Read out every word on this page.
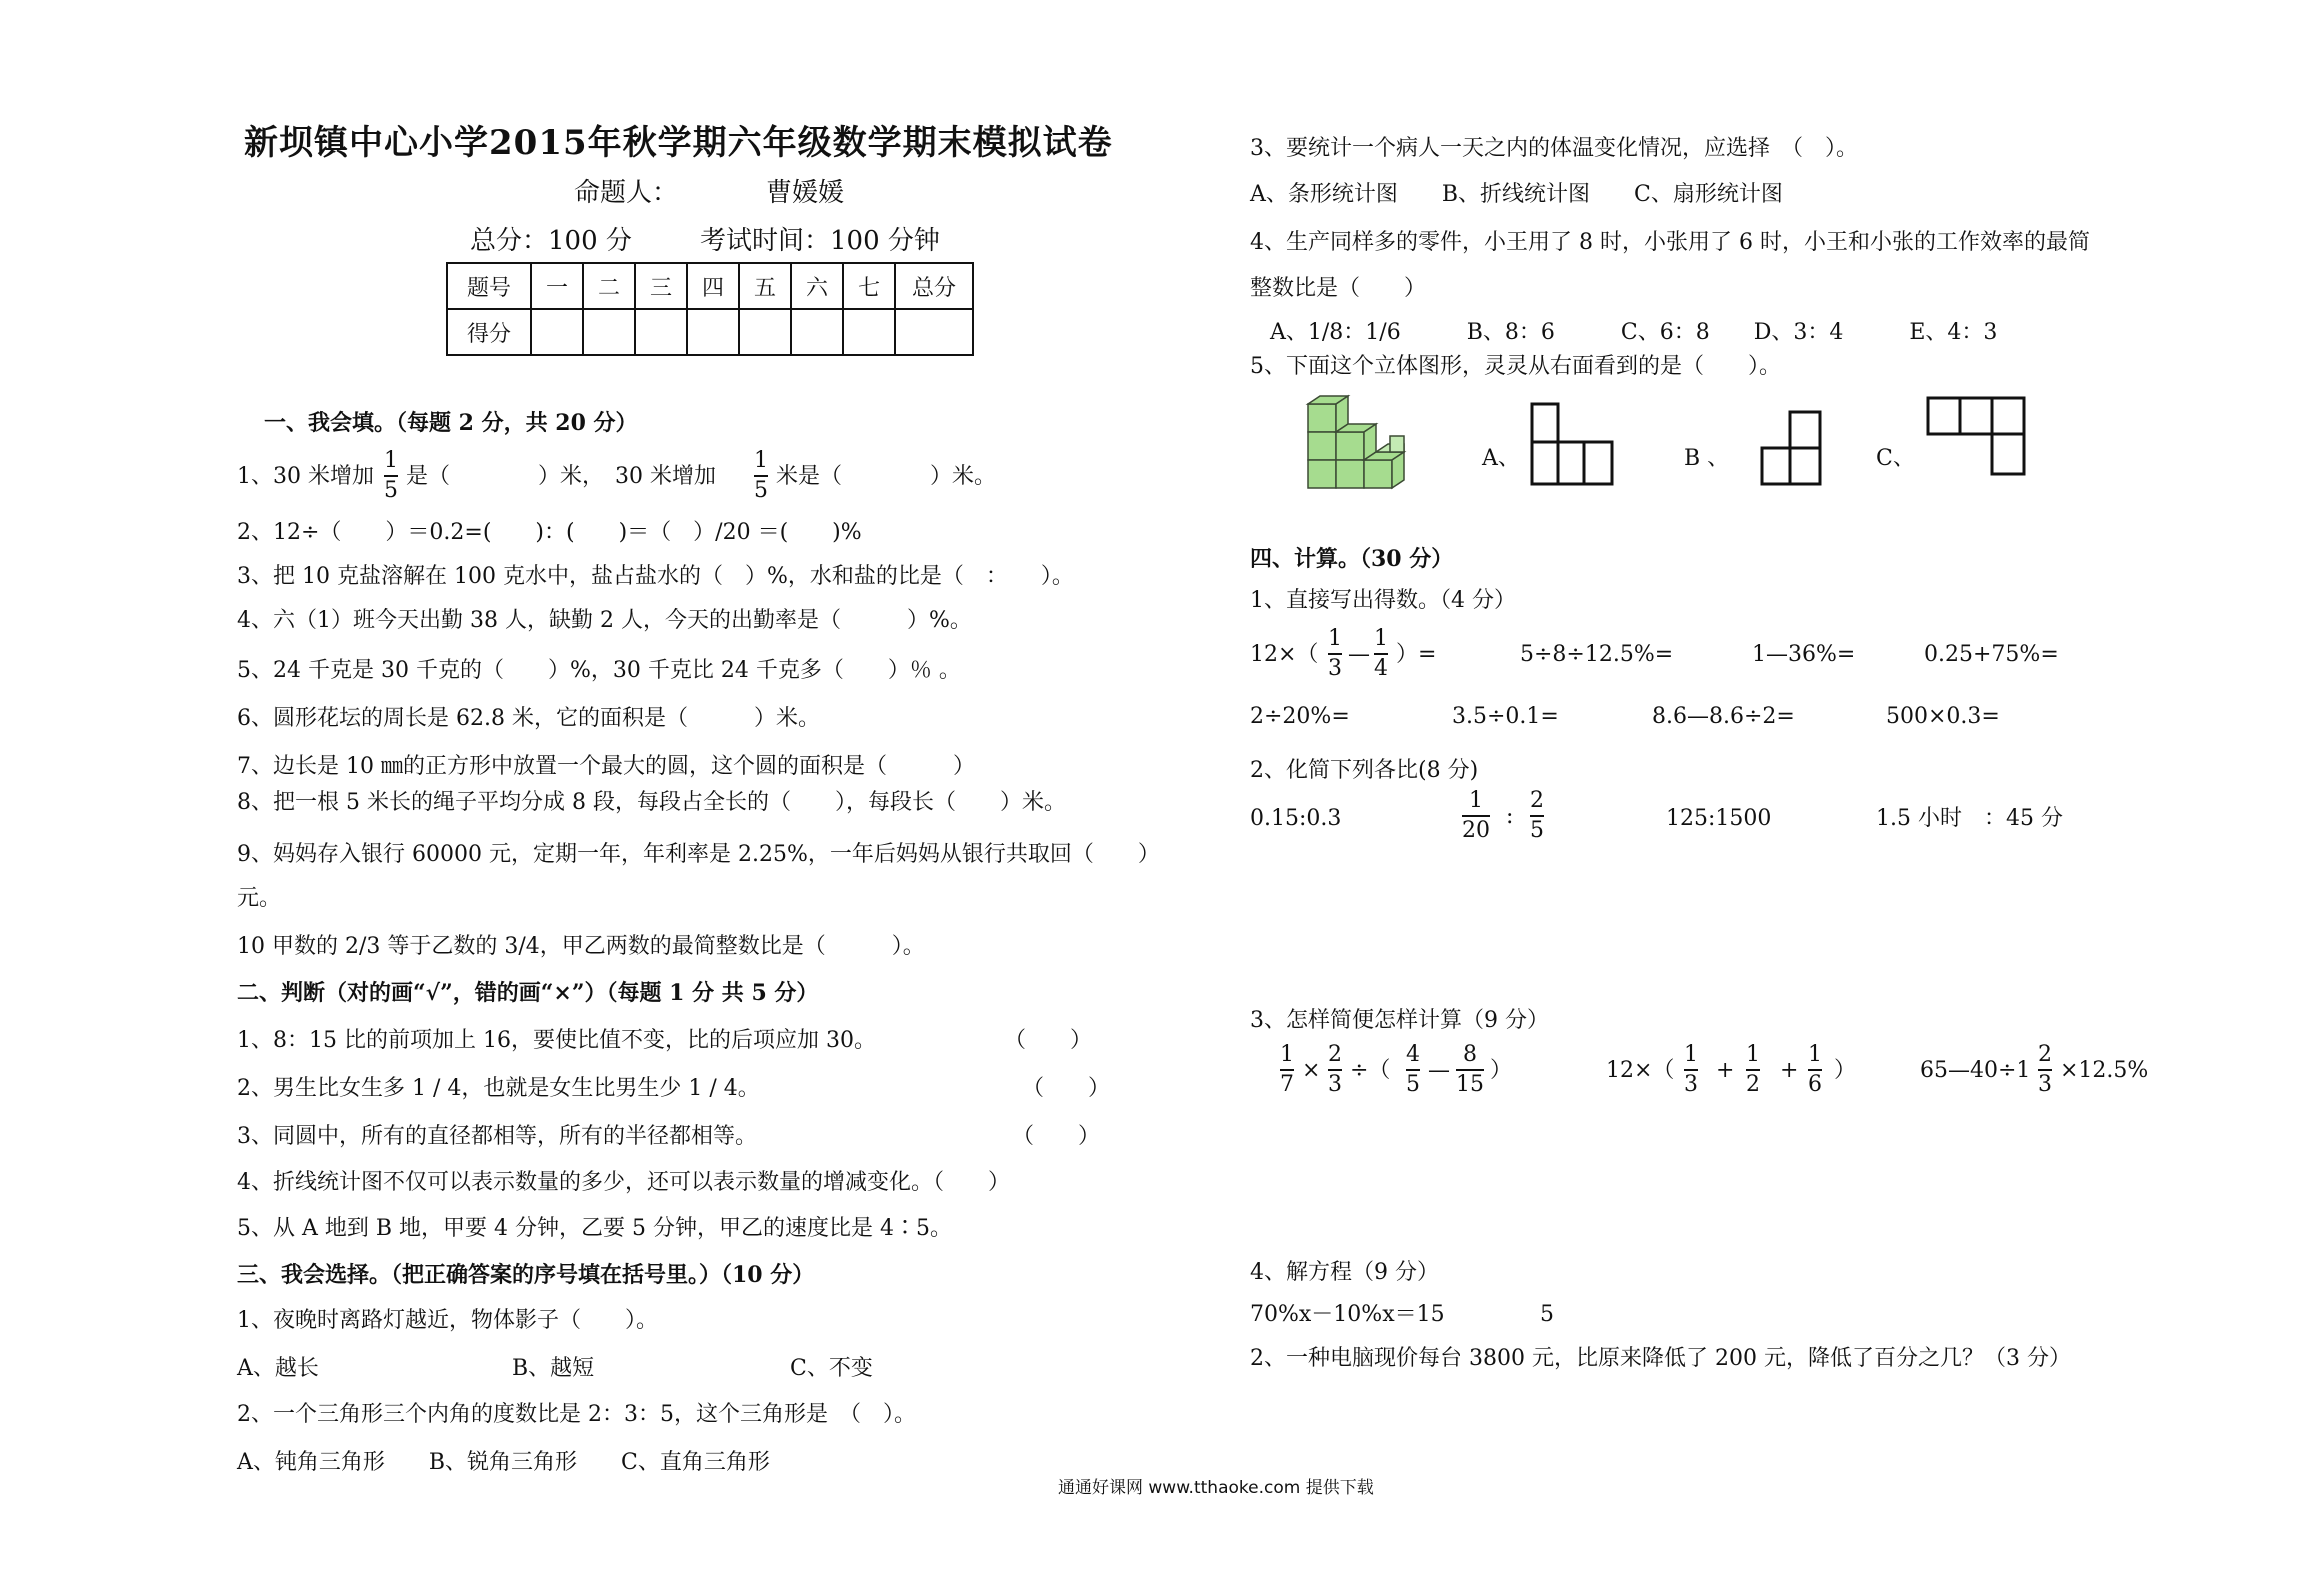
新坝镇中心小学2015年秋学期六年级数学期末模拟试卷
命题人：	曹媛媛
总分：100 分	考试时间：100 分钟
题号	一	二	三	四	五	六	七	总分
得分								
一、我会填。（每题 2 分，共 20 分）
1、30 米增加
1
5
是（　　　　）米，　30 米增加
1
5
米是（　　　　）米。
2、12÷（　　）＝0.2=(　　)：(　　)＝（　）/20 ＝(　　)%
3、把 10 克盐溶解在 100 克水中，盐占盐水的（　）%，水和盐的比是（　：　　）。
4、六（1）班今天出勤 38 人，缺勤 2 人，今天的出勤率是（　　　）%。
5、24 千克是 30 千克的（　　）%，30 千克比 24 千克多（　　）％ 。
6、圆形花坛的周长是 62.8 米，它的面积是（　　　）米。
7、边长是 10 ㎜的正方形中放置一个最大的圆，这个圆的面积是（　　　）
8、把一根 5 米长的绳子平均分成 8 段，每段占全长的（　　），每段长（　　）米。
9、妈妈存入银行 60000 元，定期一年，年利率是 2.25%，一年后妈妈从银行共取回（　　）
元。
10 甲数的 2/3 等于乙数的 3/4，甲乙两数的最简整数比是（　　　）。
二、判断（对的画“√”，错的画“×”）（每题 1 分 共 5 分）
1、8：15 比的前项加上 16，要使比值不变，比的后项应加 30。	（　　）
2、男生比女生多 1 / 4，也就是女生比男生少 1 / 4。	（　　）
3、同圆中，所有的直径都相等，所有的半径都相等。	（　　）
4、折线统计图不仅可以表示数量的多少，还可以表示数量的增减变化。（　　）
5、从 A 地到 B 地，甲要 4 分钟，乙要 5 分钟，甲乙的速度比是 4∶5。
三、我会选择。（把正确答案的序号填在括号里。）（10 分）
1、夜晚时离路灯越近，物体影子（　　）。
A、越长	B、越短	C、不变
2、一个三角形三个内角的度数比是 2：3：5，这个三角形是　（　）。
A、钝角三角形　　B、锐角三角形　　C、直角三角形
3、要统计一个病人一天之内的体温变化情况，应选择　（　）。
A、条形统计图　　B、折线统计图　　C、扇形统计图
4、生产同样多的零件，小王用了 8 时，小张用了 6 时，小王和小张的工作效率的最简
整数比是（　　）
A、1/8：1/6　　　B、8：6　　　C、6：8　　D、3：4　　　E、4：3
5、下面这个立体图形，灵灵从右面看到的是（　　）。
A、	B 、	C、
四、计算。（30 分）
1、直接写出得数。（4 分）
12×（
1
3
—
1
4
）=	5÷8÷12.5%=	1—36%=	0.25+75%=
2÷20%=	3.5÷0.1=	8.6—8.6÷2=	500×0.3=
2、化简下列各比(8 分)
0.15:0.3
1
20
:
2
5	125:1500	1.5 小时　：45 分
3、怎样简便怎样计算（9 分）
1
7
×
2
3
÷（
4
5
—
8
15
）	12×（
1
3
+
1
2
+
1
6
）	65—40÷1
2
3
×12.5%
4、解方程（9 分）
70%x－10%x＝15	5
2、一种电脑现价每台 3800 元，比原来降低了 200 元，降低了百分之几？（3 分）
通通好课网 www.tthaoke.com 提供下载
